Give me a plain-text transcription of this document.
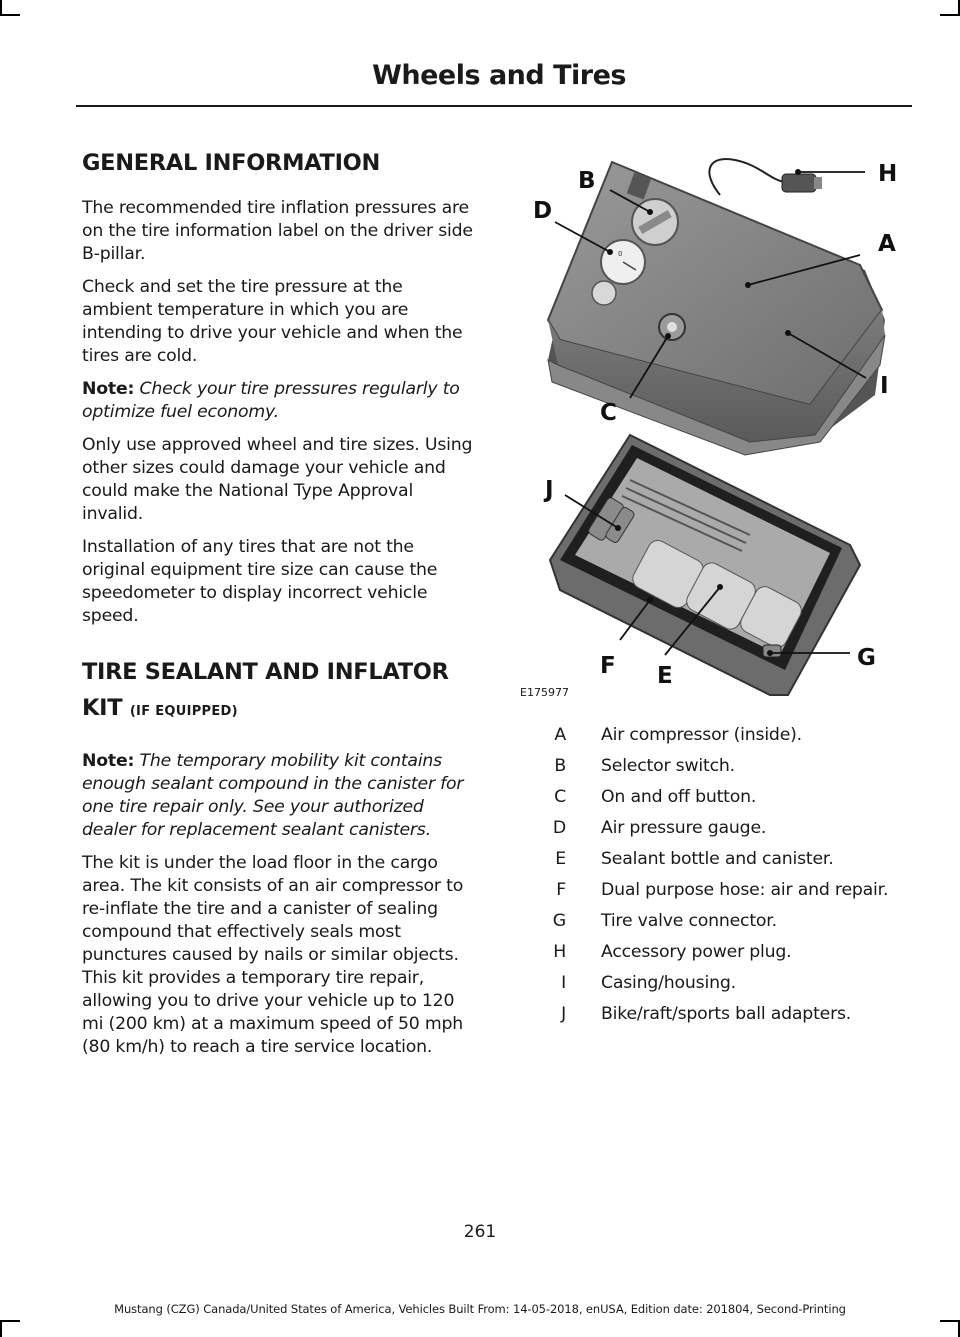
Wheels and Tires
GENERAL INFORMATION

The recommended tire inflation pressures are on the tire information label on the driver side B-pillar.

Check and set the tire pressure at the ambient temperature in which you are intending to drive your vehicle and when the tires are cold.

Note: Check your tire pressures regularly to optimize fuel economy.

Only use approved wheel and tire sizes. Using other sizes could damage your vehicle and could make the National Type Approval invalid.

Installation of any tires that are not the original equipment tire size can cause the speedometer to display incorrect vehicle speed.

TIRE SEALANT AND INFLATOR
KIT (IF EQUIPPED)

Note: The temporary mobility kit contains enough sealant compound in the canister for one tire repair only. See your authorized dealer for replacement sealant canisters.

The kit is under the load floor in the cargo area. The kit consists of an air compressor to re-inflate the tire and a canister of sealing compound that effectively seals most punctures caused by nails or similar objects. This kit provides a temporary tire repair, allowing you to drive your vehicle up to 120 mi (200 km) at a maximum speed of 50 mph (80 km/h) to reach a tire service location.

0
B
D
A
C
I
H
J
F E
G
E175977
A Air compressor (inside).
B Selector switch.
C On and off button.
D Air pressure gauge.
E Sealant bottle and canister.
F Dual purpose hose: air and repair.
G Tire valve connector.
H Accessory power plug.
I Casing/housing.
J Bike/raft/sports ball adapters.
261
Mustang (CZG) Canada/United States of America, Vehicles Built From: 14-05-2018, enUSA, Edition date: 201804, Second-Printing
